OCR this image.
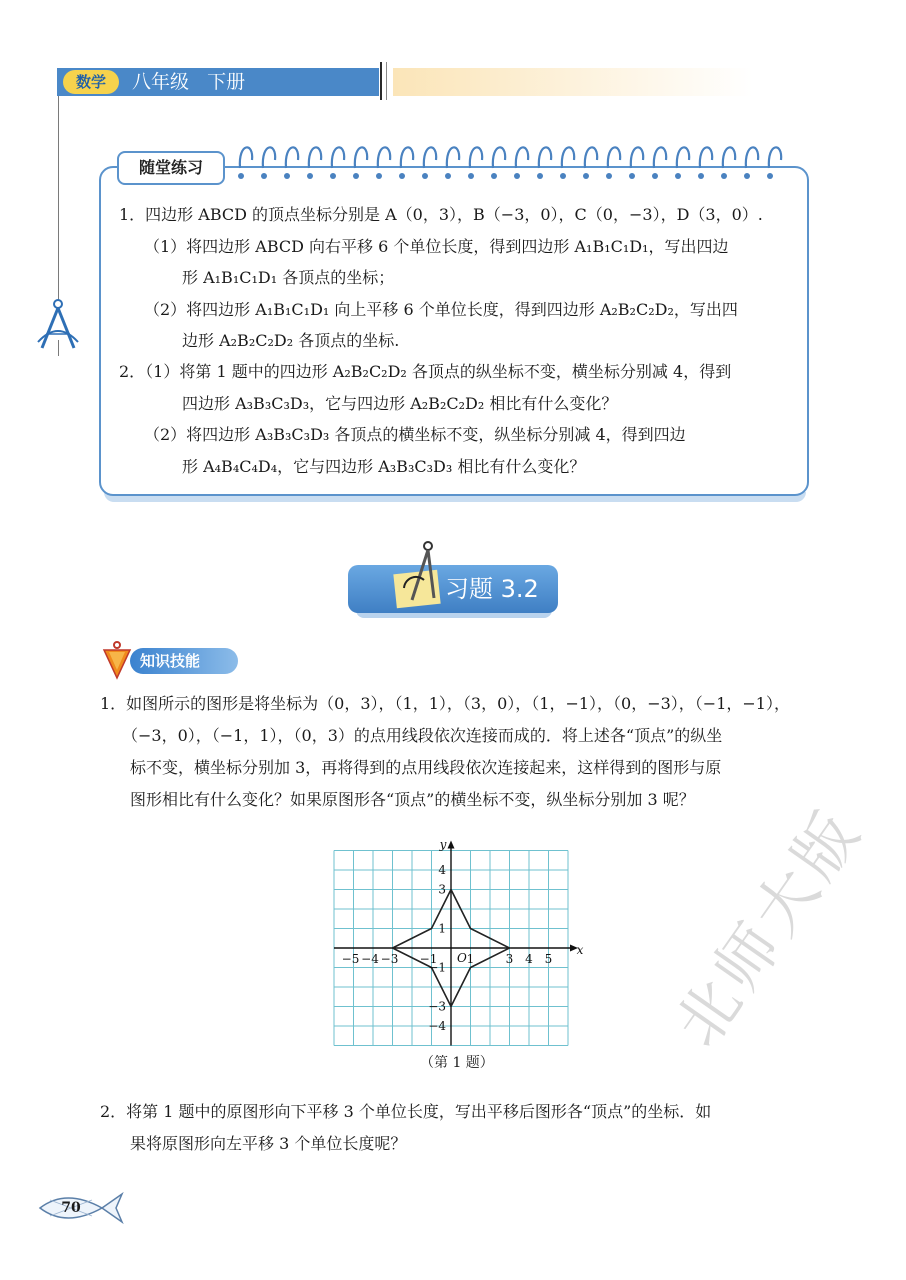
数学	八年级   下册
随堂练习
1．四边形 ABCD 的顶点坐标分别是 A（0，3），B（−3，0），C（0，−3），D（3，0）.
（1）将四边形 ABCD 向右平移 6 个单位长度，得到四边形 A₁B₁C₁D₁，写出四边
形 A₁B₁C₁D₁ 各顶点的坐标；
（2）将四边形 A₁B₁C₁D₁ 向上平移 6 个单位长度，得到四边形 A₂B₂C₂D₂，写出四
边形 A₂B₂C₂D₂ 各顶点的坐标.
2．（1）将第 1 题中的四边形 A₂B₂C₂D₂ 各顶点的纵坐标不变，横坐标分别减 4，得到
四边形 A₃B₃C₃D₃，它与四边形 A₂B₂C₂D₂ 相比有什么变化？
（2）将四边形 A₃B₃C₃D₃ 各顶点的横坐标不变，纵坐标分别减 4，得到四边
形 A₄B₄C₄D₄，它与四边形 A₃B₃C₃D₃ 相比有什么变化？
习题 3.2
知识技能
1．如图所示的图形是将坐标为（0，3），（1，1），（3，0），（1，−1），（0，−3），（−1，−1），
（−3，0），（−1，1），（0，3）的点用线段依次连接而成的．将上述各“顶点”的纵坐
标不变，横坐标分别加 3，再将得到的点用线段依次连接起来，这样得到的图形与原
图形相比有什么变化？如果原图形各“顶点”的横坐标不变，纵坐标分别加 3 呢？
−5 −4 −3 −1 1	3 4 5
4
3
1
−1
−3
−4
O
x
y
（第 1 题）
2．将第 1 题中的原图形向下平移 3 个单位长度，写出平移后图形各“顶点”的坐标．如
果将原图形向左平移 3 个单位长度呢？
70
北师大版
